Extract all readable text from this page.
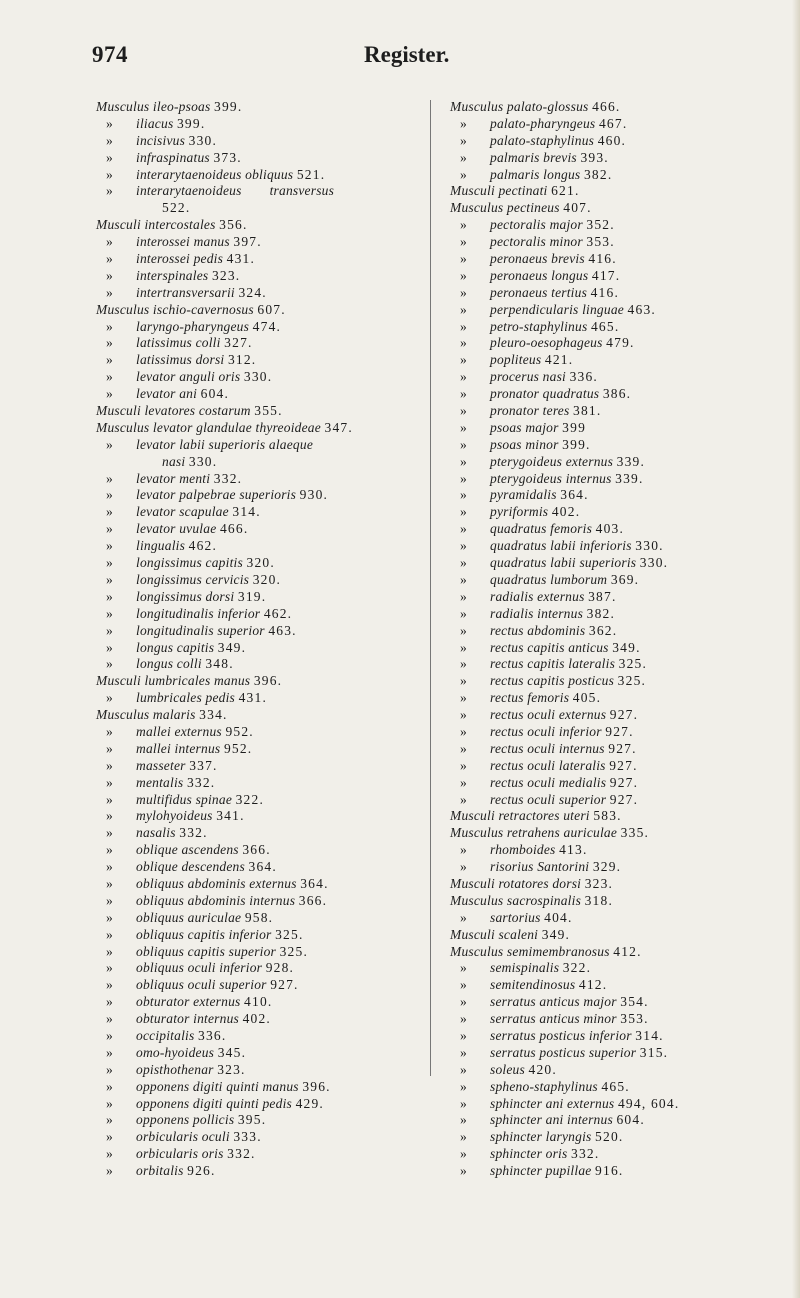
974	Register.
Musculus ileo-psoas 399.
» iliacus 399.
» incisivus 330.
» infraspinatus 373.
» interarytaenoideus obliquus 521.
» interarytaenoideus transversus
522.
Musculi intercostales 356.
» interossei manus 397.
» interossei pedis 431.
» interspinales 323.
» intertransversarii 324.
Musculus ischio-cavernosus 607.
» laryngo-pharyngeus 474.
» latissimus colli 327.
» latissimus dorsi 312.
» levator anguli oris 330.
» levator ani 604.
Musculi levatores costarum 355.
Musculus levator glandulae thyreoideae 347.
» levator labii superioris alaeque
nasi 330.
» levator menti 332.
» levator palpebrae superioris 930.
» levator scapulae 314.
» levator uvulae 466.
» lingualis 462.
» longissimus capitis 320.
» longissimus cervicis 320.
» longissimus dorsi 319.
» longitudinalis inferior 462.
» longitudinalis superior 463.
» longus capitis 349.
» longus colli 348.
Musculi lumbricales manus 396.
» lumbricales pedis 431.
Musculus malaris 334.
» mallei externus 952.
» mallei internus 952.
» masseter 337.
» mentalis 332.
» multifidus spinae 322.
» mylohyoideus 341.
» nasalis 332.
» oblique ascendens 366.
» oblique descendens 364.
» obliquus abdominis externus 364.
» obliquus abdominis internus 366.
» obliquus auriculae 958.
» obliquus capitis inferior 325.
» obliquus capitis superior 325.
» obliquus oculi inferior 928.
» obliquus oculi superior 927.
» obturator externus 410.
» obturator internus 402.
» occipitalis 336.
» omo-hyoideus 345.
» opisthothenar 323.
» opponens digiti quinti manus 396.
» opponens digiti quinti pedis 429.
» opponens pollicis 395.
» orbicularis oculi 333.
» orbicularis oris 332.
» orbitalis 926.
Musculus palato-glossus 466.
» palato-pharyngeus 467.
» palato-staphylinus 460.
» palmaris brevis 393.
» palmaris longus 382.
Musculi pectinati 621.
Musculus pectineus 407.
» pectoralis major 352.
» pectoralis minor 353.
» peronaeus brevis 416.
» peronaeus longus 417.
» peronaeus tertius 416.
» perpendicularis linguae 463.
» petro-staphylinus 465.
» pleuro-oesophageus 479.
» popliteus 421.
» procerus nasi 336.
» pronator quadratus 386.
» pronator teres 381.
» psoas major 399
» psoas minor 399.
» pterygoideus externus 339.
» pterygoideus internus 339.
» pyramidalis 364.
» pyriformis 402.
» quadratus femoris 403.
» quadratus labii inferioris 330.
» quadratus labii superioris 330.
» quadratus lumborum 369.
» radialis externus 387.
» radialis internus 382.
» rectus abdominis 362.
» rectus capitis anticus 349.
» rectus capitis lateralis 325.
» rectus capitis posticus 325.
» rectus femoris 405.
» rectus oculi externus 927.
» rectus oculi inferior 927.
» rectus oculi internus 927.
» rectus oculi lateralis 927.
» rectus oculi medialis 927.
» rectus oculi superior 927.
Musculi retractores uteri 583.
Musculus retrahens auriculae 335.
» rhomboides 413.
» risorius Santorini 329.
Musculi rotatores dorsi 323.
Musculus sacrospinalis 318.
» sartorius 404.
Musculi scaleni 349.
Musculus semimembranosus 412.
» semispinalis 322.
» semitendinosus 412.
» serratus anticus major 354.
» serratus anticus minor 353.
» serratus posticus inferior 314.
» serratus posticus superior 315.
» soleus 420.
» spheno-staphylinus 465.
» sphincter ani externus 494, 604.
» sphincter ani internus 604.
» sphincter laryngis 520.
» sphincter oris 332.
» sphincter pupillae 916.
